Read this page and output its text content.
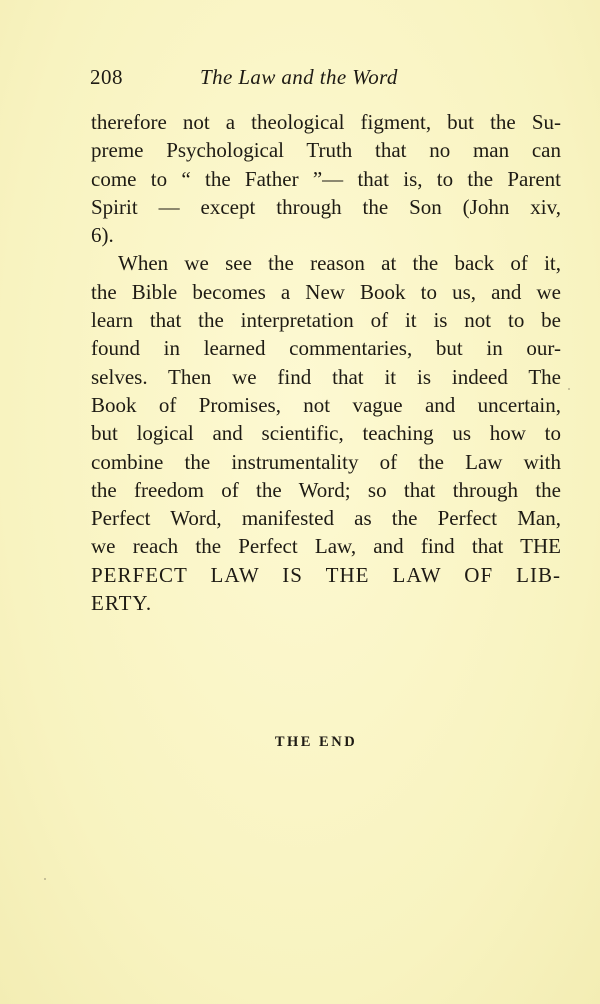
208	The Law and the Word
therefore not a theological figment, but the Su-
preme Psychological Truth that no man can
come to “ the Father ”— that is, to the Parent
Spirit — except through the Son (John xiv,
6).
When we see the reason at the back of it,
the Bible becomes a New Book to us, and we
learn that the interpretation of it is not to be
found in learned commentaries, but in our-
selves. Then we find that it is indeed The
Book of Promises, not vague and uncertain,
but logical and scientific, teaching us how to
combine the instrumentality of the Law with
the freedom of the Word; so that through the
Perfect Word, manifested as the Perfect Man,
we reach the Perfect Law, and find that THE
PERFECT LAW IS THE LAW OF LIB-
ERTY.
THE END
